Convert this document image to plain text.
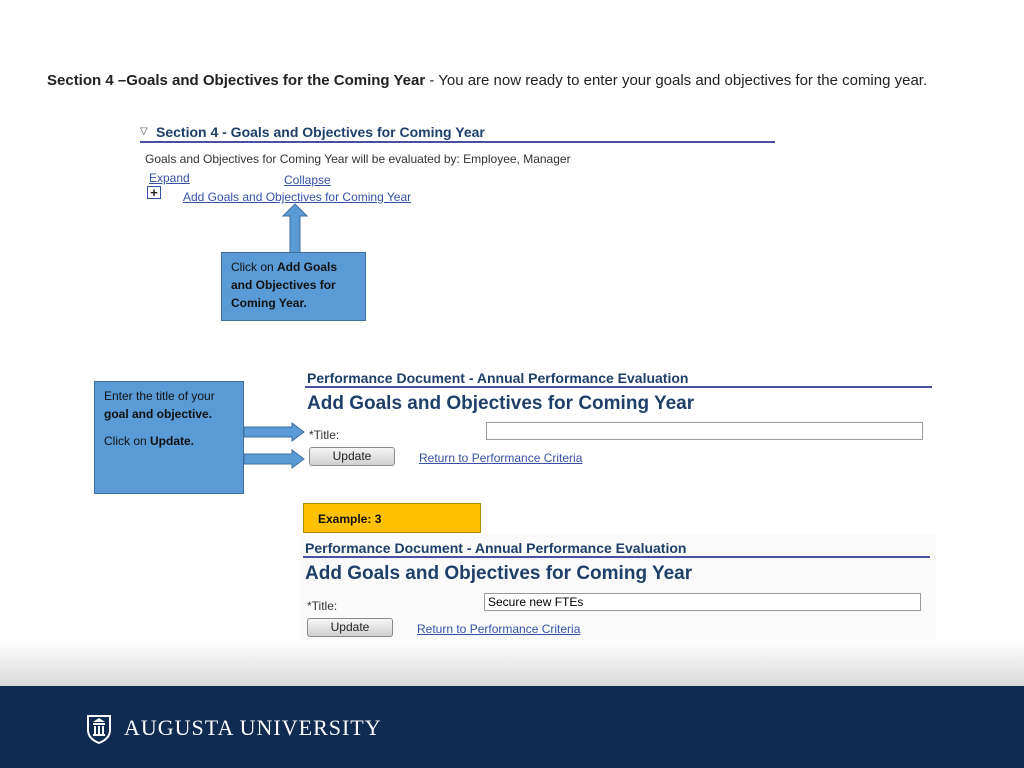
Section 4 –Goals and Objectives for the Coming Year - You are now ready to enter your goals and objectives for the coming year.
▽ Section 4 - Goals and Objectives for Coming Year
Goals and Objectives for Coming Year will be evaluated by: Employee, Manager
Expand	Collapse
+ Add Goals and Objectives for Coming Year

Click on Add Goals

and Objectives for

Coming Year.

Enter the title of your

goal and objective.

Click on Update.

Performance Document - Annual Performance Evaluation
Add Goals and Objectives for Coming Year
*Title:
Update	Return to Performance Criteria
Example: 3
Performance Document - Annual Performance Evaluation
Add Goals and Objectives for Coming Year
*Title:	Secure new FTEs
Update	Return to Performance Criteria
AUGUSTA UNIVERSITY
